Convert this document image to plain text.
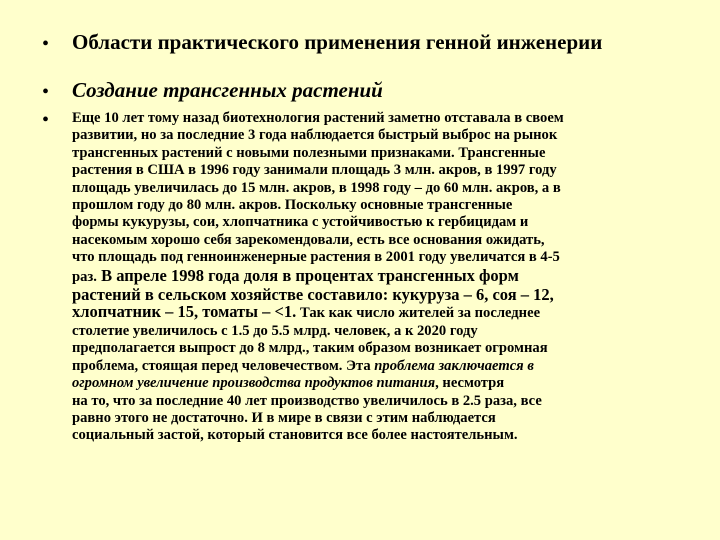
• Области практического применения генной инженерии
• Создание трансгенных растений
• Еще 10 лет тому назад биотехнология растений заметно отставала в своем
развитии, но за последние 3 года наблюдается быстрый выброс на рынок
трансгенных растений с новыми полезными признаками. Трансгенные
растения в США в 1996 году занимали площадь 3 млн. акров, в 1997 году
площадь увеличилась до 15 млн. акров, в 1998 году – до 60 млн. акров, а в
прошлом году до 80 млн. акров. Поскольку основные трансгенные
формы кукурузы, сои, хлопчатника с устойчивостью к гербицидам и
насекомым хорошо себя зарекомендовали, есть все основания ожидать,
что площадь под генноинженерные растения в 2001 году увеличатся в 4-5
раз. В апреле 1998 года доля в процентах трансгенных форм
растений в сельском хозяйстве составило: кукуруза – 6, соя – 12,
хлопчатник – 15, томаты – <1. Так как число жителей за последнее
столетие увеличилось с 1.5 до 5.5 млрд. человек, а к 2020 году
предполагается выпрост до 8 млрд., таким образом возникает огромная
проблема, стоящая перед человечеством. Эта проблема заключается в
огромном увеличение производства продуктов питания, несмотря
на то, что за последние 40 лет производство увеличилось в 2.5 раза, все
равно этого не достаточно. И в мире в связи с этим наблюдается
социальный застой, который становится все более настоятельным.
